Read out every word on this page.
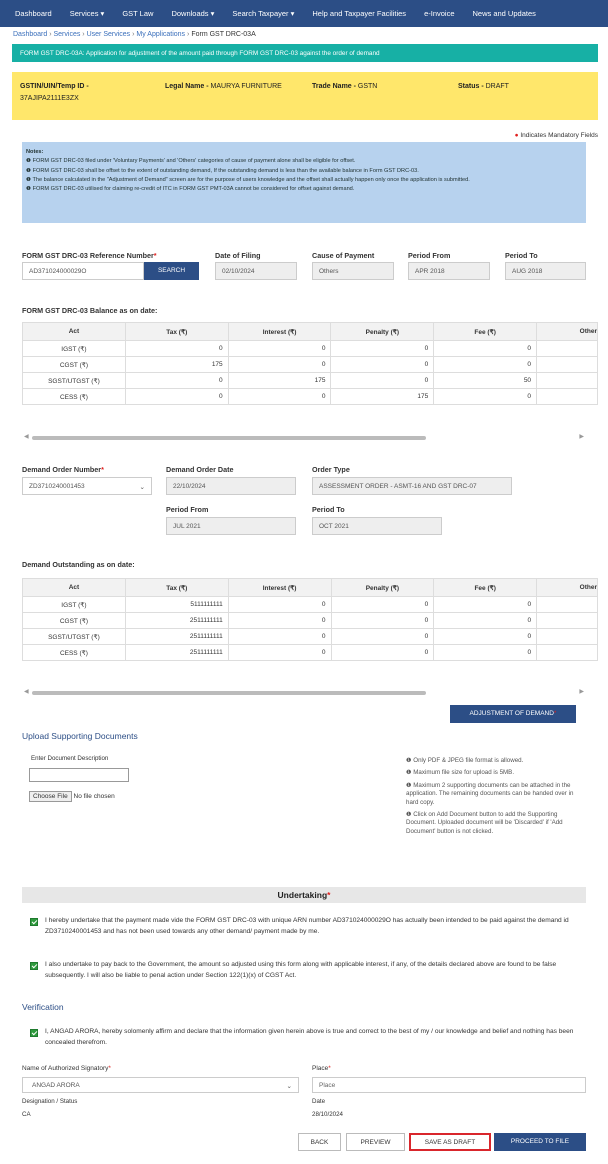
Dashboard	Services ▾	GST Law	Downloads ▾	Search Taxpayer ▾	Help and Taxpayer Facilities	e-Invoice	News and Updates
Dashboard › Services › User Services › My Applications › Form GST DRC-03A
FORM GST DRC-03A: Application for adjustment of the amount paid through FORM GST DRC-03 against the order of demand
GSTIN/UIN/Temp ID -
37AJIPA2111E3ZX
Legal Name - MAURYA FURNITURE	Trade Name - GSTN	Status - DRAFT
● Indicates Mandatory Fields
Notes:
❶ FORM GST DRC-03 filed under 'Voluntary Payments' and 'Others' categories of cause of payment alone shall be eligible for offset.
❶ FORM GST DRC-03 shall be offset to the extent of outstanding demand, If the outstanding demand is less than the available balance in Form GST DRC-03.
❶ The balance calculated in the "Adjustment of Demand" screen are for the purpose of users knowledge and the offset shall actually happen only once the application is submitted.
❶ FORM GST DRC-03 utilised for claiming re-credit of ITC in FORM GST PMT-03A cannot be considered for offset against demand.
FORM GST DRC-03 Reference Number*
AD371024000029O	SEARCH
Date of Filing
02/10/2024
Cause of Payment
Others
Period From
APR 2018
Period To
AUG 2018
FORM GST DRC-03 Balance as on date:
Act	Tax (₹)	Interest (₹)	Penalty (₹)	Fee (₹)	Other
IGST (₹)	0	0	0	0	
CGST (₹)	175	0	0	0	
SGST/UTGST (₹)	0	175	0	50	
CESS (₹)	0	0	175	0	
◀	▶
Demand Order Number*
ZD3710240001453	⌄
Demand Order Date
22/10/2024
Order Type
ASSESSMENT ORDER - ASMT-16 AND GST DRC-07
Period From
JUL 2021
Period To
OCT 2021
Demand Outstanding as on date:
Act	Tax (₹)	Interest (₹)	Penalty (₹)	Fee (₹)	Other
IGST (₹)	5111111111	0	0	0	
CGST (₹)	2511111111	0	0	0	
SGST/UTGST (₹)	2511111111	0	0	0	
CESS (₹)	2511111111	0	0	0	
◀	▶
ADJUSTMENT OF DEMAND*
Upload Supporting Documents
Enter Document Description
Choose File No file chosen
❶ Only PDF & JPEG file format is allowed.
❶ Maximum file size for upload is 5MB.
❶ Maximum 2 supporting documents can be attached in the application. The remaining documents can be handed over in hard copy.
❶ Click on Add Document button to add the Supporting Document. Uploaded document will be 'Discarded' if 'Add Document' button is not clicked.
Undertaking*
I hereby undertake that the payment made vide the FORM GST DRC-03 with unique ARN number AD371024000029O has actually been intended to be paid against the demand id ZD3710240001453 and has not been used towards any other demand/ payment made by me.
I also undertake to pay back to the Government, the amount so adjusted using this form along with applicable interest, if any, of the details declared above are found to be false subsequently. I will also be liable to penal action under Section 122(1)(x) of CGST Act.
Verification
I, ANGAD ARORA, hereby solomenly affirm and declare that the information given herein above is true and correct to the best of my / our knowledge and belief and nothing has been concealed therefrom.
Name of Authorized Signatory*
ANGAD ARORA	⌄
Place*
Place
Designation / Status
CA
Date
28/10/2024
BACK	PREVIEW	SAVE AS DRAFT	PROCEED TO FILE
